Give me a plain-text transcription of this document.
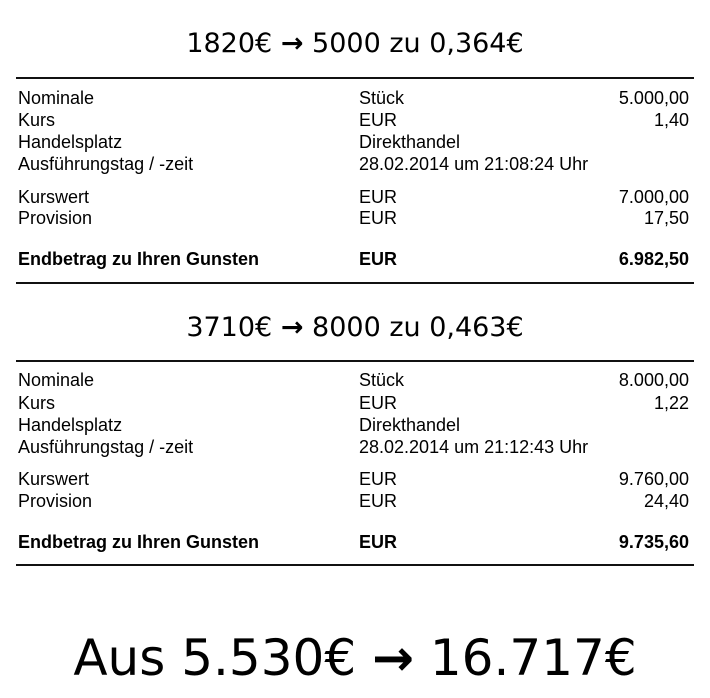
1820€ → 5000 zu 0,364€
Nominale	Stück	5.000,00
Kurs	EUR	1,40
Handelsplatz	Direkthandel
Ausführungstag / -zeit	28.02.2014 um 21:08:24 Uhr
Kurswert	EUR	7.000,00
Provision	EUR	17,50
Endbetrag zu Ihren Gunsten	EUR	6.982,50
3710€ → 8000 zu 0,463€
Nominale	Stück	8.000,00
Kurs	EUR	1,22
Handelsplatz	Direkthandel
Ausführungstag / -zeit	28.02.2014 um 21:12:43 Uhr
Kurswert	EUR	9.760,00
Provision	EUR	24,40
Endbetrag zu Ihren Gunsten	EUR	9.735,60
Aus 5.530€ → 16.717€
